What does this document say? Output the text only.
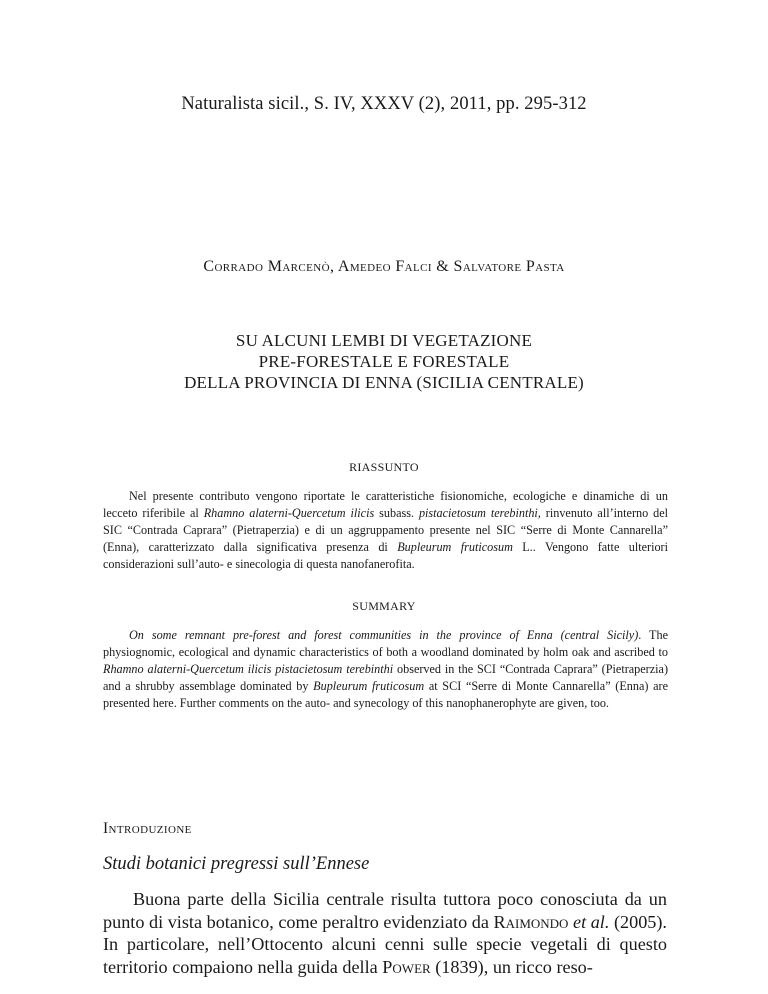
Naturalista sicil., S. IV, XXXV (2), 2011, pp. 295-312
Corrado Marcenò, Amedeo Falci & Salvatore Pasta
SU ALCUNI LEMBI DI VEGETAZIONE
PRE-FORESTALE E FORESTALE
DELLA PROVINCIA DI ENNA (SICILIA CENTRALE)
RIASSUNTO

Nel presente contributo vengono riportate le caratteristiche fisionomiche, ecologiche e dinamiche di un lecceto riferibile al Rhamno alaterni-Quercetum ilicis subass. pistacietosum terebinthi, rinvenuto all’interno del SIC “Contrada Caprara” (Pietraperzia) e di un aggruppamento presente nel SIC “Serre di Monte Cannarella” (Enna), caratterizzato dalla significativa presenza di Bupleurum fruticosum L.. Vengono fatte ulteriori considerazioni sull’auto- e sinecologia di questa nanofanerofita.

SUMMARY

On some remnant pre-forest and forest communities in the province of Enna (central Sicily). The physiognomic, ecological and dynamic characteristics of both a woodland dominated by holm oak and ascribed to Rhamno alaterni-Quercetum ilicis pistacietosum terebinthi observed in the SCI “Contrada Caprara” (Pietraperzia) and a shrubby assemblage dominated by Bupleurum fruticosum at SCI “Serre di Monte Cannarella” (Enna) are presented here. Further comments on the auto- and synecology of this nanophanerophyte are given, too.

Introduzione
Studi botanici pregressi sull’Ennese

Buona parte della Sicilia centrale risulta tuttora poco conosciuta da un punto di vista botanico, come peraltro evidenziato da Raimondo et al. (2005). In particolare, nell’Ottocento alcuni cenni sulle specie vegetali di questo territorio compaiono nella guida della Power (1839), un ricco reso-
